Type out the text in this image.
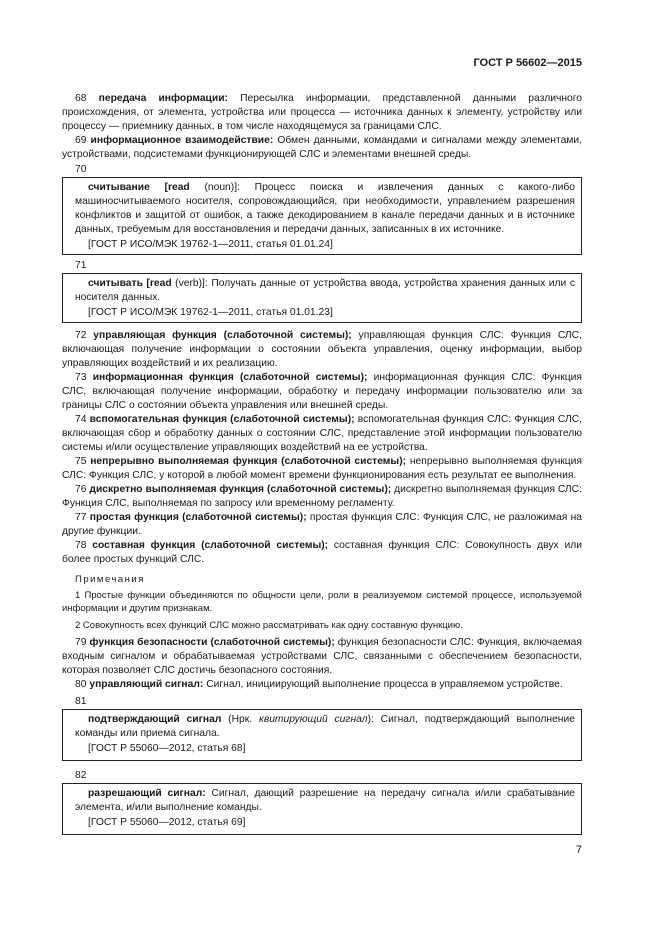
ГОСТ Р 56602—2015

68 передача информации: Пересылка информации, представленной данными различного происхождения, от элемента, устройства или процесса — источника данных к элементу, устройству или процессу — приемнику данных, в том числе находящемуся за границами СЛС.

69 информационное взаимодействие: Обмен данными, командами и сигналами между элементами, устройствами, подсистемами функционирующей СЛС и элементами внешней среды.

70

считывание [read (noun)]: Процесс поиска и извлечения данных с какого-либо машиносчитываемого носителя, сопровождающийся, при необходимости, управлением разрешения конфликтов и защитой от ошибок, а также декодированием в канале передачи данных и в источнике данных, требуемым для восстановления и передачи данных, записанных в их источнике.

[ГОСТ Р ИСО/МЭК 19762-1—2011, статья 01.01.24]
71

считывать [read (verb)]: Получать данные от устройства ввода, устройства хранения данных или с носителя данных.

[ГОСТ Р ИСО/МЭК 19762-1—2011, статья 01.01.23]

72 управляющая функция (слаботочной системы); управляющая функция СЛС: Функция СЛС, включающая получение информации о состоянии объекта управления, оценку информации, выбор управляющих воздействий и их реализацию.

73 информационная функция (слаботочной системы); информационная функция СЛС: Функция СЛС, включающая получение информации, обработку и передачу информации пользователю или за границы СЛС о состоянии объекта управления или внешней среды.

74 вспомогательная функция (слаботочной системы); вспомогательная функция СЛС: Функция СЛС, включающая сбор и обработку данных о состоянии СЛС, представление этой информации пользователю системы и/или осуществление управляющих воздействий на ее устройства.

75 непрерывно выполняемая функция (слаботочной системы); непрерывно выполняемая функция СЛС: Функция СЛС, у которой в любой момент времени функционирования есть результат ее выполнения.

76 дискретно выполняемая функция (слаботочной системы); дискретно выполняемая функция СЛС: Функция СЛС, выполняемая по запросу или временному регламенту.

77 простая функция (слаботочной системы); простая функция СЛС: Функция СЛС, не разложимая на другие функции.

78 составная функция (слаботочной системы); составная функция СЛС: Совокупность двух или более простых функций СЛС.

Примечания

1 Простые функции объединяются по общности цели, роли в реализуемом системой процессе, используемой информации и другим признакам.

2 Совокупность всех функций СЛС можно рассматривать как одну составную функцию.

79 функция безопасности (слаботочной системы); функция безопасности СЛС: Функция, включаемая входным сигналом и обрабатываемая устройствами СЛС, связанными с обеспечением безопасности, которая позволяет СЛС достичь безопасного состояния.

80 управляющий сигнал: Сигнал, инициирующий выполнение процесса в управляемом устройстве.

81

подтверждающий сигнал (Нрк. квитирующий сигнал): Сигнал, подтверждающий выполнение команды или приема сигнала.

[ГОСТ Р 55060—2012, статья 68]
82

разрешающий сигнал: Сигнал, дающий разрешение на передачу сигнала и/или срабатывание элемента, и/или выполнение команды.

[ГОСТ Р 55060—2012, статья 69]
7
